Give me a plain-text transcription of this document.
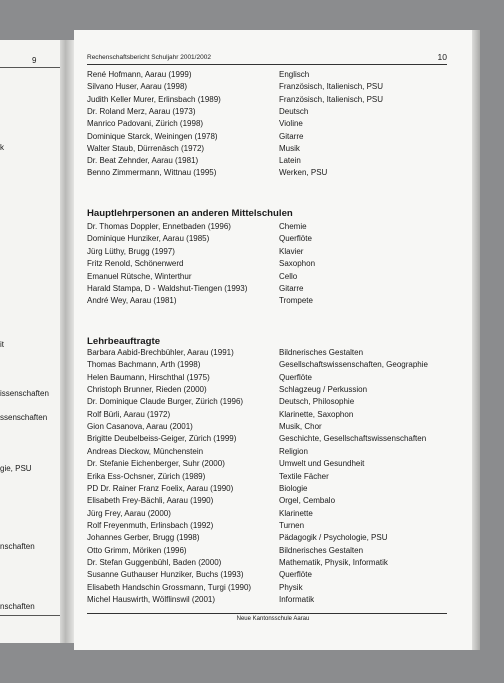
9
k
it
issenschaften
ssenschaften
gie, PSU
nschaften
nschaften
Rechenschaftsbericht Schuljahr 2001/2002	10
René Hofmann, Aarau (1999)	Englisch
Silvano Huser, Aarau (1998)	Französisch, Italienisch, PSU
Judith Keller Murer, Erlinsbach (1989)	Französisch, Italienisch, PSU
Dr. Roland Merz, Aarau (1973)	Deutsch
Manrico Padovani, Zürich (1998)	Violine
Dominique Starck, Weiningen (1978)	Gitarre
Walter Staub, Dürrenäsch (1972)	Musik
Dr. Beat Zehnder, Aarau (1981)	Latein
Benno Zimmermann, Wittnau (1995)	Werken, PSU
Hauptlehrpersonen an anderen Mittelschulen
Dr. Thomas Doppler, Ennetbaden (1996)	Chemie
Dominique Hunziker, Aarau (1985)	Querflöte
Jürg Lüthy, Brugg (1997)	Klavier
Fritz Renold, Schönenwerd	Saxophon
Emanuel Rütsche, Winterthur	Cello
Harald Stampa, D - Waldshut-Tiengen (1993)	Gitarre
André Wey, Aarau (1981)	Trompete
Lehrbeauftragte
Barbara Aabid-Brechbühler, Aarau (1991)	Bildnerisches Gestalten
Thomas Bachmann, Arth (1998)	Gesellschaftswissenschaften, Geographie
Helen Baumann, Hirschthal (1975)	Querflöte
Christoph Brunner, Rieden (2000)	Schlagzeug / Perkussion
Dr. Dominique Claude Burger, Zürich (1996)	Deutsch, Philosophie
Rolf Bürli, Aarau (1972)	Klarinette, Saxophon
Gion Casanova, Aarau (2001)	Musik, Chor
Brigitte Deubelbeiss-Geiger, Zürich (1999)	Geschichte, Gesellschaftswissenschaften
Andreas Dieckow, Münchenstein	Religion
Dr. Stefanie Eichenberger, Suhr (2000)	Umwelt und Gesundheit
Erika Ess-Ochsner, Zürich (1989)	Textile Fächer
PD Dr. Rainer Franz Foelix, Aarau (1990)	Biologie
Elisabeth Frey-Bächli, Aarau (1990)	Orgel, Cembalo
Jürg Frey, Aarau (2000)	Klarinette
Rolf Freyenmuth, Erlinsbach (1992)	Turnen
Johannes Gerber, Brugg (1998)	Pädagogik / Psychologie, PSU
Otto Grimm, Möriken (1996)	Bildnerisches Gestalten
Dr. Stefan Guggenbühl, Baden (2000)	Mathematik, Physik, Informatik
Susanne Guthauser Hunziker, Buchs (1993)	Querflöte
Elisabeth Handschin Grossmann, Turgi (1990)	Physik
Michel Hauswirth, Wölflinswil (2001)	Informatik
Neue Kantonsschule Aarau
